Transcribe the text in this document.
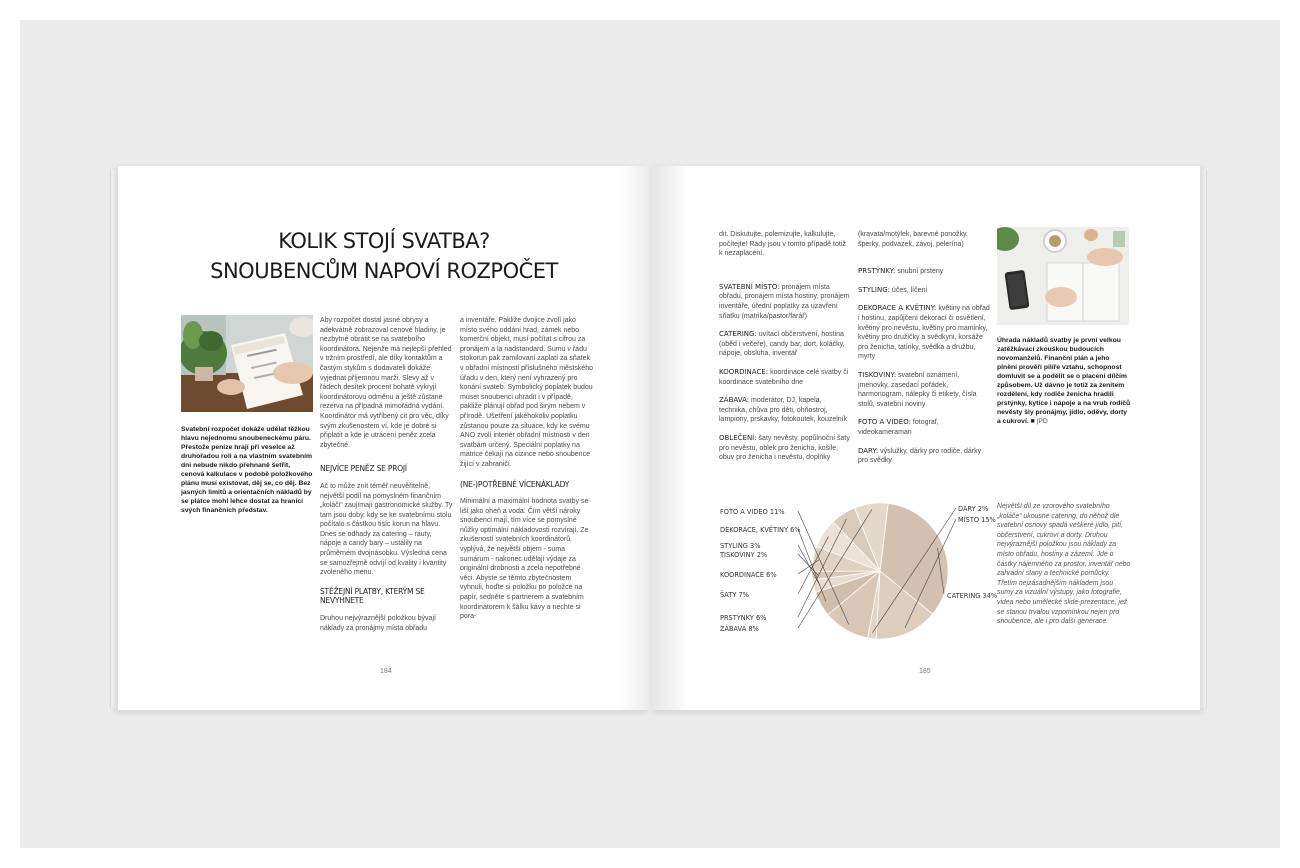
KOLIK STOJÍ SVATBA?
SNOUBENCŮM NAPOVÍ ROZPOČET
Svatební rozpočet dokáže udělat těžkou hlavu nejednomu snoubeneckému páru. Přestože peníze hrají při veselce až druhořadou roli a na vlastním svatebním dni nebude nikdo přehnaně šetřit, cenová kalkulace v podobě položkového plánu musí existovat, děj se, co děj. Bez jasných limitů a orientačních nákladů by se plátce mohl lehce dostat za hranici svých finančních představ.

Aby rozpočet dostal jasné obrysy a adekvátně zobrazoval cenové hladiny, je nezbytné obrátit se na svatebního koordinátora. Nejenže má nejlepší přehled v tržním prostředí, ale díky kontaktům a častým stykům s dodavateli dokáže vyjednat příjemnou marži. Slevy až v řádech desítek procent bohatě vykryjí koordinátorovu odměnu a ještě zůstane rezerva na případná mimořádná vydání. Koordinátor má vytříbený cit pro věc, díky svým zkušenostem ví, kde je dobré si připlatit a kde je utrácení peněz zcela zbytečné.

NEJVÍCE PENĚZ SE PROJÍ

Ač to může znít téměř neuvěřitelně, největší podíl na pomyslném finančním „koláči“ zaujímají gastronomické služby. Ty tam jsou doby, kdy se ke svatebnímu stolu počítalo s částkou tisíc korun na hlavu. Dnes se odhady za catering – rauty, nápoje a candy bary – ustálily na průměrném dvojnásobku. Výsledná cena se samozřejmě odvíjí od kvality i kvantity zvoleného menu.

STĚŽEJNÍ PLATBY, KTERÝM SE NEVYHNETE

Druhou nejvýraznější položkou bývají náklady za pronájmy místa obřadu

a inventáře. Pakliže dvojice zvolí jako místo svého oddání hrad, zámek nebo komerční objekt, musí počítat s cifrou za pronájem a la nadstandard. Sumu v řádu stokorun pak zamilovaní zaplatí za sňatek v obřadní místnosti příslušného městského úřadu v den, který není vyhrazený pro konání svateb. Symbolický poplatek budou muset snoubenci uhradit i v případě, pakliže plánují obřad pod širým nebem v přírodě. Ušetření jakéhokoliv poplatku zůstanou pouze za situace, kdy ke svému ANO zvolí interiér obřadní místnosti v den svatbám určený. Speciální poplatky na matrice čekají na cizince nebo snoubence žijící v zahraničí.

(NE-)POTŘEBNÉ VÍCENÁKLADY

Minimální a maximální hodnota svatby se liší jako oheň a voda. Čím větší nároky snoubenci mají, tím více se pomyslné nůžky optimální nákladovosti rozvírají. Ze zkušeností svatebních koordinátorů vyplývá, že největší objem - suma sumárum - nakonec udělají výdaje za originální drobnosti a zcela nepotřebné věci. Abyste se těmto zbytečnostem vyhnuli, hoďte si položku po položce na papír, sedněte s partnerem a svatebním koordinátorem k šálku kávy a nechte si pora-

184

dit. Diskutujte, polemizujte, kalkulujte, počítejte! Rady jsou v tomto případě totiž k nezaplacení.

SVATEBNÍ MÍSTO: pronájem místa obřadu, pronájem místa hostiny, pronájem inventáře, úřední poplatky za uzavření sňatku (matrika/pastor/farář)

CATERING: uvítací občerstvení, hostina (oběd i večeře), candy bar, dort, koláčky, nápoje, obsluha, inventář

KOORDINACE: koordinace celé svatby či koordinace svatebního dne

ZÁBAVA: moderátor, DJ, kapela, technika, chůva pro děti, ohňostroj, lampiony, prskavky, fotokoutek, kouzelník

OBLEČENÍ: šaty nevěsty, popůlnoční šaty pro nevěstu, oblek pro ženicha, košile, obuv pro ženicha i nevěstu, doplňky

(kravata/motýlek, barevné ponožky, šperky, podvazek, závoj, pelerína)

PRSTÝNKY: snubní prsteny

STYLING: účes, líčení

DEKORACE A KVĚTINY: květiny na obřad i hostinu, zapůjčení dekorací či osvětlení, květiny pro nevěstu, květiny pro maminky, květiny pro družičky a svědkyni, korsáže pro ženicha, tatínky, svědka a družbu, myrty

TISKOVINY: svatební oznámení, jmenovky, zasedací pořádek, harmonogram, nálepky či etikety, čísla stolů, svatební noviny

FOTO A VIDEO: fotograf, videokameraman

DARY: výslužky, dárky pro rodiče, dárky pro svědky

Úhrada nákladů svatby je první velkou zatěžkávací zkouškou budoucích novomanželů. Finanční plán a jeho plnění prověří pilíře vztahu, schopnost domluvit se a podělit se o placení dílčím způsobem. Už dávno je totiž za zenitem rozdělení, kdy rodiče ženicha hradili prstýnky, kytice i nápoje a na vrub rodičů nevěsty šly pronájmy, jídlo, oděvy, dorty a cukroví. ■ |PD
DARY 2%
MÍSTO 15%
CATERING 34%
FOTO A VIDEO 11%
DEKORACE, KVĚTINY 6%
STYLING 3%
TISKOVINY 2%
KOORDINACE 6%
ŠATY 7%
PRSTÝNKY 6%
ZÁBAVA 8%
Největší díl ze vzorového svatebního „koláče“ ukousne catering, do něhož dle svatební osnovy spadá veškeré jídlo, pití, občerstvení, cukroví a dorty. Druhou nejvýraznější položkou jsou náklady za místo obřadu, hostiny a zázemí. Jde o částky nájemného za prostor, inventář nebo zahradní stany a technické pomůcky. Třetím nejzásadnějším nákladem jsou sumy za vizuální výstupy, jako fotografie, videa nebo umělecké slide-prezentace, jež se stanou trvalou vzpomínkou nejen pro snoubence, ale i pro další generace.
185
